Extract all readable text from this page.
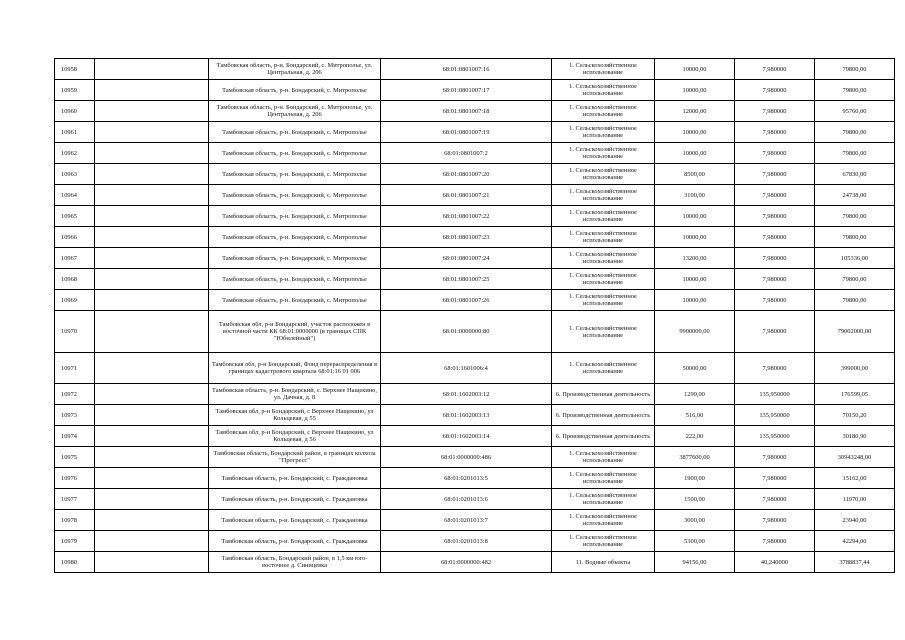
10958		Тамбовская область, р-н. Бондарский, с. Митрополье, ул. Центральная, д. 206	68:01:0801007:16	1. Сельскохозяйственное использование	10000,00	7,980000	79800,00
10959		Тамбовская область, р-н. Бондарский, с. Митрополье	68:01:0801007:17	1. Сельскохозяйственное использование	10000,00	7,980000	79800,00
10960		Тамбовская область, р-н. Бондарский, с. Митрополье, ул. Центральная, д. 206	68:01:0801007:18	1. Сельскохозяйственное использование	12000,00	7,980000	95760,00
10961		Тамбовская область, р-н. Бондарский, с. Митрополье	68:01:0801007:19	1. Сельскохозяйственное использование	10000,00	7,980000	79800,00
10962		Тамбовская область, р-н. Бондарский, с. Митрополье	68:01:0801007:2	1. Сельскохозяйственное использование	10000,00	7,980000	79800,00
10963		Тамбовская область, р-н. Бондарский, с. Митрополье	68:01:0801007:20	1. Сельскохозяйственное использование	8500,00	7,980000	67830,00
10964		Тамбовская область, р-н. Бондарский, с. Митрополье	68:01:0801007:21	1. Сельскохозяйственное использование	3100,00	7,980000	24738,00
10965		Тамбовская область, р-н. Бондарский, с. Митрополье	68:01:0801007:22	1. Сельскохозяйственное использование	10000,00	7,980000	79800,00
10966		Тамбовская область, р-н. Бондарский, с. Митрополье	68:01:0801007:23	1. Сельскохозяйственное использование	10000,00	7,980000	79800,00
10967		Тамбовская область, р-н. Бондарский, с. Митрополье	68:01:0801007:24	1. Сельскохозяйственное использование	13200,00	7,980000	105336,00
10968		Тамбовская область, р-н. Бондарский, с. Митрополье	68:01:0801007:25	1. Сельскохозяйственное использование	10000,00	7,980000	79800,00
10969		Тамбовская область, р-н. Бондарский, с. Митрополье	68:01:0801007:26	1. Сельскохозяйственное использование	10000,00	7,980000	79800,00
10970		Тамбовская обл, р-н Бондарский, участок расположен в восточной части КК 68:01:0000000 (в границах СПК "Юбилейный")	68:01:0000000:80	1. Сельскохозяйственное использование	9900000,00	7,980000	79002000,00
10971		Тамбовская обл, р-н Бондарский, Фонд перераспределения в границах кадастрового квартала 68:01:16 01 006	68:01:1601006:4	1. Сельскохозяйственное использование	50000,00	7,980000	399000,00
10972		Тамбовская область, р-н. Бондарский, с. Верхнее Нащекино, ул. Дачная, д. 8	68:01:1602003:12	6. Производственная деятельность	1299,00	135,950000	176599,05
10973		Тамбовская обл, р-н Бондарский, с Верхнее Нащекино, ул Кольцевая, д 55	68:01:1602003:13	6. Производственная деятельность	516,00	135,950000	70150,20
10974		Тамбовская обл, р-н Бондарский, с Верхнее Нащекино, ул Кольцевая, д 56	68:01:1602003:14	6. Производственная деятельность	222,00	135,950000	30180,90
10975		Тамбовская область, Бондарский район, в границах колхоза "Прогресс"	68:01:0000000:486	1. Сельскохозяйственное использование	3877600,00	7,980000	30943248,00
10976		Тамбовская область, р-н. Бондарский, с. Граждановка	68:01:0201013:5	1. Сельскохозяйственное использование	1900,00	7,980000	15162,00
10977		Тамбовская область, р-н. Бондарский, с. Граждановка	68:01:0201013:6	1. Сельскохозяйственное использование	1500,00	7,980000	11970,00
10978		Тамбовская область, р-н. Бондарский, с. Граждановка	68:01:0201013:7	1. Сельскохозяйственное использование	3000,00	7,980000	23940,00
10979		Тамбовская область, р-н. Бондарский, с. Граждановка	68:01:0201013:8	1. Сельскохозяйственное использование	5300,00	7,980000	42294,00
10980		Тамбовская область, Бондарский район, в 1,5 км юго-восточнее д. Синицевка	68:01:0000000:482	11. Водные объекты	94156,00	40,240000	3788837,44
